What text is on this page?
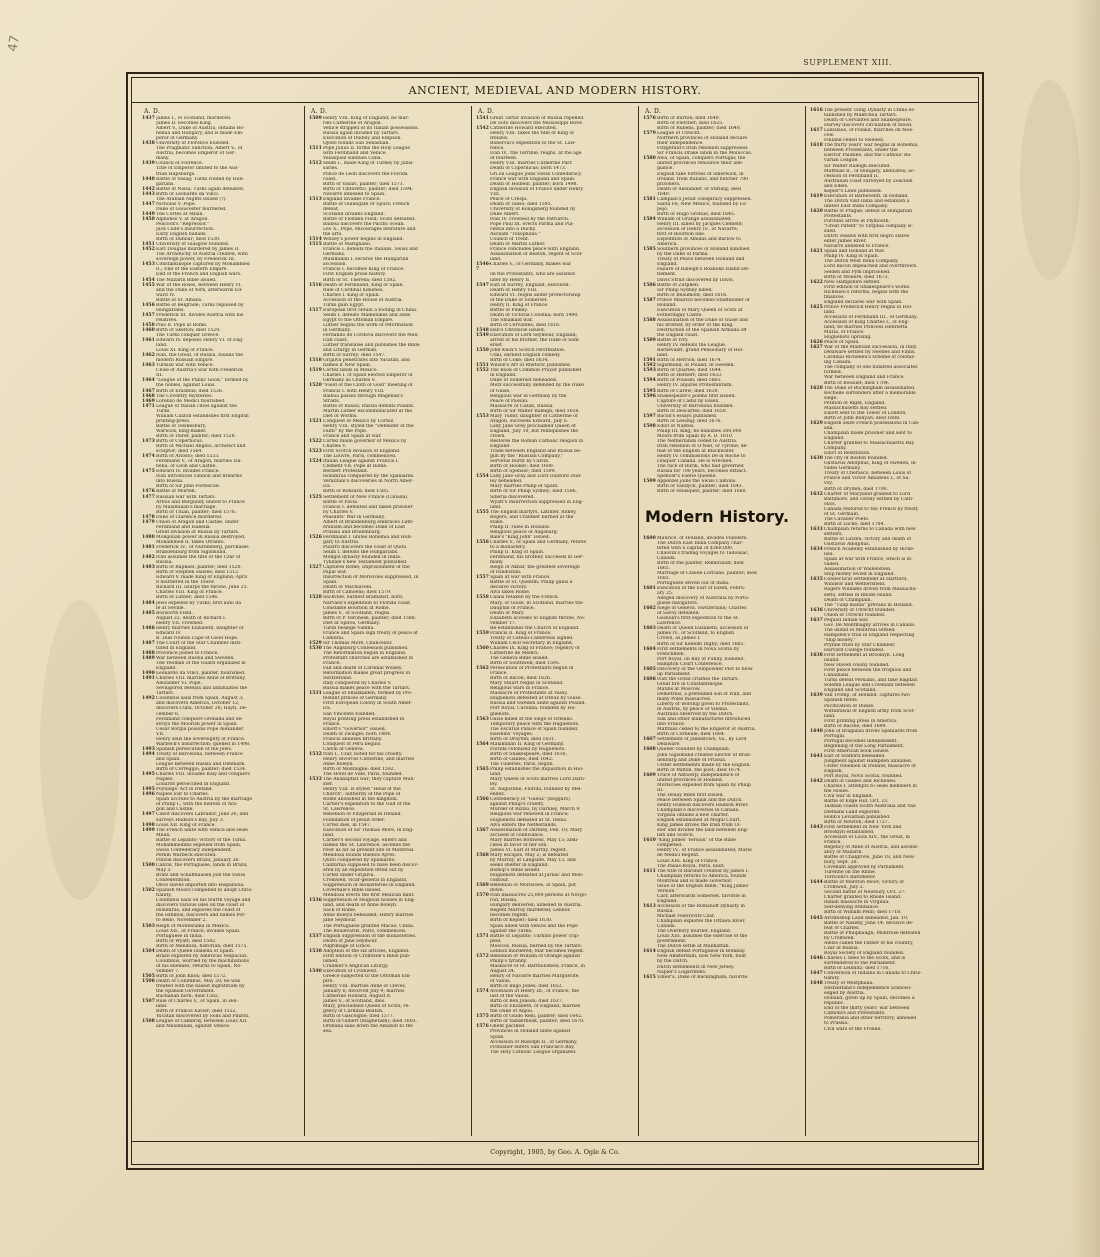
47
SUPPLEMENT XIII.
ANCIENT, MEDIEVAL AND MODERN HISTORY.
A. D.
1437 James I., of Scotland, murdered.
James II. becomes King.
Albert V., Duke of Austria, obtains Bo-
hemia and Hungary, and is made Em-
peror of Germany.
1438 University of Florence founded.
The Pragmatic Sanction; Albert V., of
Austria, becomes Emperor of Ger-
many.
1439 Council of Florence.
Title of Emperor limited to the Aus-
trian Hapsburgs.
1440 Battle of Vasag; Turks routed by Hun-
garians.
1442 Battle of Nissa; Turks again defeated.
1443 Birth of Leonardo da Vinci.
The Arabian Nights issued (?).
1447 Nicholas V. Pope.
Duke of Gloucester murdered.
1449 The Cortes at Milan.
1450 Alphonso V. at Aragon.
Peacock's "Repressor."
Jack Cade's insurrection.
Early English ballads.
Birth of Dunbar; died 1530.
1451 University of Glasgow founded.
1452 Earl Douglas murdered by James II.
The Archduchy of Austria created, with
sovereign power, by Frederick III.
1453 Constantinople captured by Mohammed
II.; End of the Eastern Empire.
End of the French and English wars.
1454 The Mazarin Bible issued.
1455 War of the Roses, between Henry VI.
and the Duke of York, afterwards Ed-
ward IV.
Battle of St. Albans.
1456 Battle of Belgrade; Turks repulsed by
Hungarians.
1457 Frederick III. divides Austria with his
relatives.
1458 Pius II. Pope at Rome.
1460 Birth of Skelton; died 1529.
The Turks conquer Greece.
1461 Edward IV. deposes Henry VI. of Eng-
land.
Louis XI. King of France.
1462 Ivan, the Great, of Russia, founds the
modern Russian Empire.
1463 Turkish war with Venice.
Close of Austria's war with Frederick
III.
1464 "League of the Public Good," formed by
the nobles, against Louis.
1467 Birth of Erasmus; died 1536.
1468 The Coventry mysteries.
1469 Lorenzo de Medici flourished.
1471 League of Italian cities against the
Turks.
William Caxton establishes first English
printing-press.
Battle of Tewkesbury.
Warwick, king-maker.
Birth of Durer, painter; died 1528.
1473 Birth of Copernicus.
Birth of Michael Angelo, architect and
sculptor; died 1564.
1474 Birth of Ariosto; died 1533.
Ferdinand V., of Aragon, marries Isa-
bella, of Leon and Castile.
1475 Edward IV. invades France.
Ivan introduces cannon and firearms
into Russia.
Birth of Sir John Fortescue.
1476 Battle of Murten.
1477 Russian war with Tartars.
Artois and Burgundy united to France
by Maximilian's marriage.
Birth of Titian, painter; died 1576.
1478 Duke of Clarence murdered.
1479 Union of Aragon and Castile, under
Ferdinand and Isabella.
Great invasion of Russia by Tartars.
1480 Mongolian power in Russia destroyed.
Mohammed II. takes Otranto.
1481 Frederick IV., of Nuremberg, purchases
Brandenburg from Sigismund.
1482 Ivan assumes the title of the Czar of
Russia.
1483 Birth of Raphael, painter; died 1520.
Birth of Stephen Hawes; died 1512.
Edward V. made King of England; April
8 murdered in the Tower.
Richard III. usurps the throne, June 25.
Charles VIII. King of France.
Birth of Luther; died 1546.
1484 Jews expelled by Turks; first auto da
fe at Seville.
1485 Bosworth Field.
August 22, death of Richard I.
Henry VII. crowned.
1486 Henry marries Elizabeth, daughter of
Edward IV.
B. Dias rounds Cape of Good Hope.
1487 The Court of the Star Chamber insti-
tuted in England.
1488 Provence joined to France.
1489 War between Russia and Sweden.
The Yeoman of the Guard organized in
England.
1490 Leonardo da Vinci, painter, flourished.
1491 Charles VIII. marries Anne of Brittany.
Alexander VI. Pope.
Sevnigorod defeats and annihilates the
Tartars.
1492 Columbus sails from Spain, August 3;
and discovers America, October 12;
discovers Cuba, October 28; Hayti, De-
cember 6.
Ferdinand conquers Grenada and de-
stroys the Moorish power in Spain.
Cesar Borgia poisons Pope Alexander
VII.
Henry sells the sovereignty of France.
Warbeck's insurrection; quelled in 1498.
1493 Spanish persecution of the Jews.
1494 Treaty of Barcelona, between France
and Spain.
League between Russia and Denmark.
Birth of Correggio, painter; died 1534.
1495 Charles VIII. invades Italy and conquers
Naples.
Lollards persecuted in England.
1495 Poynings' Act in Ireland.
1496 Naples lost to Charles.
Spain accrues to Austria by the marriage
of Philip I., with the heiress of Ara-
gon and Castile.
1497 Cabot discovers Labrador, June 26; and
surveys Hudson's Bay, July 3.
1498 Louis XII. King of France.
1499 The French unite with Venice and seize
Milan.
Battle of Lepanto; victory of the Turks.
Mohammedans expelled from Spain.
Swiss Confederacy independent.
Perkin Warbeck executed.
Pinzon discovers Brazil, January 26.
1500 Cabral, the Portuguese, lands in Brazil,
May 3.
Brats and Schaffhausen join the Swiss
Confederation.
Once slaves imported into Hispaniola.
1502 Spanish Moors compelled to adopt Chris-
tianity.
Columbus sails on his fourth voyage and
discovers various isles on the coast of
Honduras, and explores the coast of
the isthmus; discovers and names Por-
to Bello, November 2.
1503 Reign of Montezuma in Mexico.
Louis XII., of France, invades Spain.
Portuguese in India.
Birth of Wyatt; died 1542.
Birth of Mendoza, historian; died 1575.
1504 Death of Queen Isabella of Spain.
Brazil explored by Americus Vespucius.
Columbus, worried by the machinations
of his enemies, returns to Spain, No-
vember 7.
1505 Birth of John Knox; died 1572.
1506 Death of Columbus, May 20; he was
treated with the basest ingratitude by
the Spanish Government.
Buchanan born; died 1582.
1507 Rule of Charles V., of Spain, in Hol-
land.
Birth of Francis Xavier; died 1552.
Yucatan discovered by Solis and Pinzon.
1508 League of Cambray, between Louis XII.
and Maximilian, against Venice.
A. D.
1509 Henry VIII. King of England; he mar-
ries Catherine of Aragon.
Venice stripped of its Italian possessions.
Russia again invaded by Tartars.
Execution of Dudley and Empson.
Ojedo founds San Sebastian.
1511 Pope Julius II. forms the Holy League
with Ferdinand and Venice.
Velasquez subdues Cuba.
1512 Selim I., made King of Turkey by Janis-
saries.
Ponce de Leon discovers the Florida
coast.
Birth of Vasari, painter; died 1571.
Birth of Tintoretto, painter; died 1594.
Navarre annexed to Spain.
1513 England invades France.
Battle of Guinegate or Spurs; French
defeat.
Scotland invades England.
Battle of Flodden Field; Scots defeated.
Balboa discovers the Pacific ocean.
Leo X., Pope, encourages literature and
the arts.
1514 Wolsey's power begins in England.
1515 Battle of Marignano.
Francis I. defeats the Italians, Swiss and
Germans.
Maximilian I. secures the Hungarian
accession.
Francis I. becomes King of France.
First English prose history.
Birth of St. Theresa; died 1582.
1516 Death of Ferdinand, King of Spain.
Rule of Cardinal Ximenes.
Charles I. King of Spain.
Accession of the House of Austria.
Turks gain Egypt.
1517 European first obtain a footing in China.
Selim I. defeats Mamelukes and adds
Egypt to the Ottoman Empire.
Luther begins the work of reformation
in Germany.
Fernando de Cordova discovers the Mex-
ican coast.
Luther translates and publishes the Bible
and Liturgy in German.
Birth of Surrey; died 1547.
1518 Grijalva penetrates into Yucatan, and
names it New Spain.
1519 Cortez lands in Mexico.
Charles I. of Spain elected Emperor of
Germany as Charles V.
1520 "Field of the Cloth of Gold" meeting of
Francis I. with Henry VIII.
Balboa passes through Magellan's
Straits.
Battle of Rasau; Russia defeats Poland.
Martin Luther excommunicated at the
Diet of Worms.
1521 Conquest of Mexico by Cortez.
Henry VIII. styled the "Defender of the
Faith" by the Pope.
France and Spain at war.
1522 Cortez made governor of Mexico by
Charles V.
1523 First Scotch invasion of England.
The Louvre, Paris, commenced.
1524 Italian League against Francis I.
Clement VII. Pope at Rome.
Bernert Protestant.
Honduras conquered by the Spaniards.
Verazzani's discoveries in North Amer-
ica.
Birth of Ronsard; died 1585.
1525 Settlement of New France (Canada).
Battle of Pavia.
Francis I. defeated and taken prisoner
by Charles V.
Peasants' War in Germany.
Albert of Brandenburg embraces Luth-
eranism and becomes Duke of East
Prussia and Bradenburg.
1526 Ferdinand I. unites Bohemia and Hun-
gary to Austria.
Pizarro discovers the coast of Quito.
Selim I. defeats the Hungarians.
Mongol dynasty founded in India.
Tyndale's new Testament published.
1527 Captures Rome; Imprisonment of the
Papal war.
Insurrection of Moriscoes suppressed, in
Spain.
Death of Machiavelli.
Birth of Camoens; died 1579.
1528 Sackville, earliest dramatist, born.
Narvaez's expedition to Florida coast.
Constable Bourbon at Rome.
James V., of Scotland, reigns.
Birth of P. Veronese, painter; died 1588.
Diet at Spires, Germany.
Turks besiege Vienna.
France and Spain sign treaty of peace at
Cambrai.
1529 Sir Thomas More, Chancellor.
1530 The Augsburg Confession published.
The Reformation begun in England.
Protestant churches are established in
France.
Fall and death of Cardinal Wolsey.
Reformation makes great progress in
Switzerland.
Italy conquered by Charles V.
Russia makes peace with the Tartars.
1531 League of Smalkalden, formed by Pro-
testant princes of Germany.
First European Colony in South Amer-
ica.
San Vincente founded.
Royal printing press established in
France.
Elliott's "Governor" issued.
Death of Zwingle; born 1484.
Francis annexes Brittany.
Conquest of Peru begins.
Calvin at Geneva.
1532 Ivan I., Czar, noted for his cruelty.
Henry divorces Catherine, and marries
Anne Boleyn.
Birth of Montaigne; died 1592.
The Hotel de Ville, Paris, founded.
1533 The Anabaptist war; they capture Mun-
ster.
Henry VIII. is styled "Head of the
Church"; authority of the Pope of
Rome abolished in the kingdom.
Cartier's expedition to the Gulf of the
St. Lawrence.
Rebellion of Fitzgerald in Ireland.
Foundation of Jesuit order.
Cortez dies, in 1547.
Execution of Sir Thomas More, in Eng-
land.
Cartier's second voyage, enters and
names the St. Lawrence, ascends the
river as far as present site of Montreal.
Mendoza founds Buenos Ayres.
Quito conquered by Spaniards.
California supposed to have been discov-
ered by an expedition fitted out by
Cortez under Grijalva.
Cromwell, vicar-general in England.
Suppression of monasteries in England.
Coverdale's Bible issued.
Mendoza erects the first Mexican mint.
1536 Suppression of religious houses in Eng-
land, and death of Anne Boleyn.
Sack of Rome.
Anne Boleyn beheaded; Henry marries
Jane Seymour.
The Portuguese granted Macao, China.
The Boulevards, Paris, commenced.
1537 English suppression of the monasteries.
Death of Jane Seymour.
Pilgrimage of Grace.
1538 Adoption of the six articles, England.
First edition of Cromwell's Bible pub-
lished.
Cranmer's Anglican Liturgy.
1540 Execution of Cromwell.
Greece subjected to the Ottoman Em-
pire.
Henry VIII. marries Anne of Cleves,
January 6; divorced July 9; marries
Catherine Howard, August 8.
James V., of Scotland, dies.
Mary, proclaimed Queen of Scots; re-
gency of Cardinal Beaton.
Birth of Gascoigne; died 1577.
Birth of Gilbert (magnetism); died 1603.
Orellana sails down the Amazon to the
sea.
A. D.
1541 Great Tartar invasion of Russia repelled.
De Soto discovers the Mississippi River.
1542 Catherine Howard executed.
Henry VIII. takes the title of King of
Ireland.
Roberval's expedition to the St. Law-
rence.
Ivan IV., the Terrible, reigns, at the age
of fourteen.
Henry VIII. marries Catherine Parr.
Death of Copernicus; born 1473.
Gri.on League joins Swiss Confederacy.
France war with England and Spain.
Death of Holbein, painter; born 1498.
English invasion of France under Henry
VIII.
Peace of Crespi.
Death of Tasso; died 1595.
University of Konigsberg founded by
Duke Albert.
Ivan IV. crowned by the Patriarch.
Pope Paul III. erects Parma and Pla-
centia into a Duchy.
Ascham "Toxophilus."
Council of Trent.
Death of Martin Luther.
France concludes peace with England.
Assassination of Beaton, regent of Scot-
land.
1546-7
Charles V., of Germany, makes war
on the Protestants, who are assisted
later by Henry II.
1547 Earl of Surrey, England, executed.
Death of Henry VIII.
Edward VI. reigns under protectorship
of the Duke of Somerset.
Henry II. King of France.
Battle of Pinkey.
Death of Victoria Colonna; born 1490.
The Smalkald war.
Birth of Cervantes; died 1616.
1548 Hall's Chronicle issued.
1549 Execution of Lord Seymour, England;
arrest of his brother, the Duke of Som-
erset.
1550 John Knox's Scotch reformation.
Udal, earliest English comedy.
Birth of Coke; died 1634.
1551 Wilson's Art of Rhetoric published.
1552 The Book of Common Prayer published
in England.
Duke of Somerset beheaded.
Metz successfully defended by the Duke
of Guise.
Religious war in Germany by the
Peace of Passau.
Massacre of Cazan, Russia.
Birth of Sir Walter Raleigh; died 1618.
1553 Mary Tudor, daughter of Catherine of
Aragon, succeeds Edward, July 6.
Lady Jane Grey proclaimed Queen of
England, July 10, but relinquishes the
crown.
Restores the Roman Catholic religion in
England.
Trade between England and Russia be-
gun by the "Russian Company."
Servetus burnt by Calvin.
Birth of Hooker; died 1600.
Birth of Spenser; died 1599.
1554 Lady Jane Gray and Lord Guilford Dud-
ley beheaded.
Mary marries Philip of Spain.
Birth of Sir Philip Sydney; died 1586.
Siberia discovered.
Wyatt's insurrection suppressed in Eng-
land.
1555 The English martyrs, Latimer, Ridley,
Rogers, and Cranmer burned at the
stake.
Philip II. rules in Holland.
Religious peace of Augsburg.
Bale's "King John" issued.
1556 Charles V., of Spain and Germany, retires
to a monastery.
Philip II. King of Spain.
Ferdinand, his brother, succeeds in Ger-
many.
Reign of Akbar, the greatest sovereign
of Hindostan.
1557 Spain at war with France.
Battle of St. Quentin; Philip gains a
decisive victory.
Alva takes Rome.
1558 Calais retaken by the French.
Mary, of Guise, in Scotland, marries the
Dauphin of France.
Death of Mary.
Elizabeth accedes to English throne, No-
vember 17.
Re-establishes the Church of England.
1559 Francis II. King of France.
Treaty of Cateau-Cambresis signed.
William Cecil Secretary in England.
1560 Charles IX. King of France; regency of
Catherine de Medici.
The Geneva Bible issued.
Birth of Southwell; died 1595.
1562 Persecution of Protestants begun in
France.
Birth of Bacon; died 1626.
Mary Stuart reigns in Scotland.
Religious wars in France.
Massacre of Protestants at Vassy.
Huguenots defeated at Dreux by Guise.
Russia and Sweden unite against Poland.
Port Royal, Carolina, founded by Hu-
guenots.
1563 Guise killed at the siege of Orleans.
Temporary peace with the Huguenots.
The Escurial Palace of Spain founded.
Hawkins' voyages.
Birth of Drayton; died 1631.
1564 Maximilian II. King of Germany.
Florida colonized by Huguenots.
Birth of Shakespeare; died 1616;
Birth of Galileo; died 1642.
The Tuileries, Paris, begun.
1565 Philip establishes the Inquisition in Hol-
land.
Mary Queen of Scots marries Lord Darn-
ley.
St. Augustine, Florida, founded by Mel-
endez.
1566 Confederacy of "Gueux" (beggars)
against Philip's cruelty.
Murder of Rizzio, by Darnley, March 9.
Religious war renewed in France;
Huguenots defeated at St. Denis.
Alva enters the Netherlands.
1567 Assassination of Darnley, Feb. 10; Mary
accused of connivance.
Mary marries Bothwell, May 15; abdi-
cates in favor of her son.
James VI. Earl of Murray, regent.
1568 Mary escapes, May 2; is defeated
by Murray, at Langside, May 13, and
seeks shelter in England.
Bishop's Bible issued.
Huguenots defeated at Jarnac and Mon-
contour.
1569 Rebellion of Moriscoes, in Spain, put
down.
1570 Ivan massacres 25,000 persons at Novgo-
rod, Russia.
Hungary delivered; annexed to Austria.
Regent Murray murdered; Lennox
becomes regent.
Birth of Kepler; died 1630.
Spain allied with Venice and the Pope
against the Turks.
1571 Battle of Lepanto; Turkish power crip-
pled.
Moscow, Russia, burned by the Tartars.
Lennox murdered; Mar becomes regent.
1572 Rebellion of William of Orange against
Philip's tyranny.
Massacre of St. Bartholomew, France, in
August 24.
Henry of Navarre marries Marguerite,
of Valois.
Birth of Inigo Jones; died 1652.
1574 Accession of Henry III., of France, the
last of the Valois.
Birth of Ben Jonson; died 1637.
Birth of Elizabeth, of England, marries
the Duke of Anjou.
1575 Birth of Guido Reni, painter; died 1642.
Birth of Vanderhelst, painter; died 1670.
1576 Ghent pacified.
Provinces in Holland unite against
Spain.
Accession of Rudolph II., of Germany.
Frobisher enters San Francisco Bay.
The Holy Catholic League organized.
A. D.
1576 Birth of Burton; died 1640.
Birth of Fletcher; died 1625.
Birth of Rubens, painter; died 1640.
1579 League of Utrecht.
Northern provinces of Holland declare
their independence.
Fitzgerald's Irish rebellion suppressed.
Sir Francis Drake lands in the Moluccas.
1580 Alva, of Spain, conquers Portugal; the
united provinces renounce their alle-
giance.
English take fortress of Smerwick, in
Ireland, from Italians, and butcher 700
prisoners.
Death of Alexander, of Stirling; died
1640.
1581 Campian's Jesuit conspiracy suppressed.
Santa Fe, New Mexico, founded by Es-
pejo.
Birth of Hugo Grotius; died 1645.
1584 William of Orange assassinated.
Henry III. killed by Jacques Clement;
accession of Henry IV., of Navarre,
first of Bourbon line.
Expedition of Amidas and Barlow to
America.
1585 Southern provinces of Holland subdued
by the Duke of Parma.
Treaty of Peace between Holland and
England.
Failure of Raleigh's Roanoke Island set-
tlement.
Davis Strait discovered by Davis.
1586 Battle of Zutphen.
Sir Philip Sydney killed.
Birth of Beaumont; died 1616.
1587 Prince Maurice becomes Stadtholder of
Holland.
Execution of Mary Queen of Scots at
Fotheringay Castle.
1588 Assassination of the Duke of Guise and
his brother, by order of the King.
Destruction of the Spanish Armada off
the English coast.
1589 Battle of Ivry.
Henry IV. defeats the League.
Barnevaldt, grand Pensionary of Hol-
land.
1591 Birth of Herrick; died 1674.
1592 Sigismund, of Poland, in Sweden.
1593 Birth of Quarles; died 1644.
Birth of Herbert; died 1633.
1594 Birth of Poussin; died 1665.
Henry IV. abjures Protestantism.
1595 Birth of Carew; died 1639.
1596 Shakespeare's poems first issued.
Capture of Cadiz by Essex.
University of Barcelona founded.
Birth of Descartes; died 1650.
1597 Bacon's essays published.
Birth of Lessing; died 1676.
1598 Edict of Nantes.
Philip III. king; he banishes 300,000
Moors from Spain by A. D. 1610.
The Netherlands ceded to Austria.
Irish rebellion of O'Niel, or Tyrone; de-
feat of the English at Blackwater.
Henry IV. commissions De la Roche to
conquer Canada. He is wrecked.
The race of Rurik, who had governed
Russia for 700 years, becomes extinct.
Spencer's Faerie Queene.
1599 Appenzel joins the Swiss Cantons.
Birth of Vandyck, painter; died 1641.
Birth of Velasquez, painter; died 1660.
Modern History.
1600 Maurice, of Holland, invades Flanders.
The Dutch East India Company char-
tered with a capital of $360,000.
Chauvin's trading voyages to Tadousac,
Canada.
Birth of the painter, Rembrandt; died
1665.
Marriage of Claude Lorraine, painter; died
1682.
Portuguese driven out of India.
1601 Execution of the Earl of Essex, Febru-
ary 25.
Alleged discovery of Australia by Portu-
guese navigators.
1602 Siege of Geneva, Switzerland; Charles
of Savoy defeated.
Gosnold's first expedition to the St.
Lawrence.
1603 Death of Queen Elizabeth; accession of
James IV., of Scotland, to English
Crown, as James I.
Birth of Sir Kenelm Digby; died 1665.
1604 First settlements in Nova Scotia by
Frenchmen.
Port Royal, on Bay of Fundy, founded.
Hampton Court Conference.
1605 Discovery of the Gunpowder Plot to blow
up Parliament.
1606 Ivan the Great crushes the Tartars.
Great fire in Constantinople.
Matins at Moscow.
Demetrius, a pretended son of Ivan, and
many Poles massacred.
Liberty of worship given to Protestants,
in Austria, by peace of Vienna.
Australia observed by the Dutch.
Silk and other manufactures introduced
into France.
Matthias ceded to the Emperor of Austria.
Birth of Corneille; died 1684.
1607 Settlement of Jamestown, Va., by Lord
Delaware.
1608 Quebec founded by Champlain.
John Sigismund created Elector of Bran-
denburg and Duke of Prussia.
Ulster settlements made by the English.
Birth of Milton, the poet; died 1674.
1609 Truce of Antwerp; independence of
united provinces of Holland.
Moriscoes expelled from Spain by Philip
III.
The Douay Bible first issued.
Peace between Spain and the Dutch.
Henry Hudson discovers Hudson River.
Champlain's discoveries in Canada.
Virginia obtains a new charter.
English established at Mogul Court.
King James drives the Irish from Ul-
ster and divides the land between Eng-
lish and Scotch.
1610 "King James' Version" of the Bible
completed.
Henry IV., of France assassinated; Marie
de Medici Regent.
Louis XIII. King of France.
The Palais-Royal, Paris, built.
1611 The title of Baronet created by James I.
Champlain returns to America, founds
Montreal and is made Governor.
Issue of the English Bible, "King James'
Version."
Carr, afterwards Somerset, favorite in
England.
1613 Accession of the Romanoff Dynasty in
Russia.
Michael Fedorovitz Czar.
Champlain explores the Ottawa River,
Canada.
The Overbury murder, England.
Louis XIII. assumes the exercise of the
government.
The Dutch settle at Manhattan.
1614 English defeat Portuguese in Bombay.
New Amsterdam, now New York, built
by the Dutch.
Dutch settlements in New Jersey.
Napier's Logarithms.
1615 Villier's, Duke of Buckingham, favorite.
1616 The present Tsing Dynasty in China es-
tablished by Mantchou Tartars.
Death of Cervantes and Shakespeare.
Harvey discovers circulation of blood.
1617 Ladislaus, of Poland, marches on Mos-
cow.
Finland ceded to Sweden.
1618 The thirty years' war begins in Bohemia,
between Protestants, under the
Elector Palatine, and the Catholic Ba-
varian League.
Sir Walter Raleigh executed.
Matthias II., of Hungary, abdicates; ac-
cession of Ferdinand II.
Australian coast surveyed by Zeachen
and Edels.
Kepler's Laws published.
1619 Execution of Barneveldt, in Holland.
The Dutch visit India and establish a
united East India Company.
1620 Battle of Prague; defeat of Hungarian
Protestants.
Puritans arrive at Plymouth.
"Great Patent" to Virginia company is-
sued.
Dutch vessels with first negro slaves
enter James River.
Navarre annexed to France.
1621 Spain and Holland at War.
Philip IV. King of Spain.
The Dutch West India Company.
Lord Bacon impeached and overthrown.
Selden and Pym imprisoned.
Birth of Moliere; died 1673.
1622 New Hampshire settled.
First edition of Shakespeare's works.
Richelieu's reforms, begins with the
finances.
England declares war with Spain.
1625 Prince Frederick Henry reigns in Hol-
land.
Accession of Ferdinand III., of Germany.
Accession of King Charles I., of Eng-
land; he marries Princess Henrietta
Maria, of France.
Huguenots uprising.
1626 Peace of Spain.
1627 War of the Mantuan succession, in Italy.
Delaware settled by Swedes and Finns.
Cardinal Richelieu's scheme of coloniz-
ing Canada.
The company of one hundred associates
formed.
War between England and France.
Birth of Bossuet; died 1704.
1628 The Duke of Buckingham assassinated.
Rochelle surrenders after a memorable
siege.
Petition of Right, England.
Massachusetts Bay settled.
Elliott sent to the Tower of London.
Birth of John Bunyan; died 1688.
1629 English seize French possessions in Can-
ada.
Champlain made prisoner and sent to
England.
Charter granted to Massachusetts Bay
Company.
Edict of Restitution.
1630 The city of Boston founded.
Gustavus Adolphus, King of Sweden, in-
vades Germany.
Treaty of Cherasco, between Louis of
France and Victor Amadeus I., of Sa-
voy.
Birth of Dryden; died 1700.
1632 Charter of Maryland granted to Lord
Baltimore, and colony settled by Cath-
olics.
Canada restored to the French by treaty
of St. Germain.
The Cavalier Poets.
Birth of Locke; died 1704.
1633 Champlain returns to Canada with new
settlers.
Battle of Lutzen; victory and death of
Gustavus Adolphus.
1634 French Academy established by Riche-
lieu.
Spain at war with France, which is in-
vaded.
Assassination of Wallenstein.
Ship money levied in England.
1635 Connecticut settlement at Hartford,
Windsor and Wethersfield.
Rogers Williams driven from Massachu-
setts, settles in Rhode Island.
Death of Champlain.
The "Tulip mania" prevails in Holland.
1636 University of Utrecht founded.
Union of Utrecht founded.
1637 Pequod Indian war.
Gov. De Montmagny arrives in Canada.
The island of Montreal settled.
Hampden's trial in England respecting
"ship money."
Prynne tried by Star Chamber.
Harvard College founded.
1638 First settlement at Brooklyn, Long
Island.
New Haven colony founded.
First peace between the Iroquois and
Canadians.
Turks defeat Persians, and take Bagdad.
Solemn League and Covenant between
England and Scotland.
1639 Van Tromp, of Holland, captures two
Spanish fleets.
Pacification of Dunse.
Withdrawal of English army from Scot-
land.
First printing press in America.
Birth of Racine; died 1699.
1640 John of Braganza drives Spaniards from
Portugal.
Portugal becomes independent.
Beginning of the Long Parliament.
First American book issued.
1641 Earl of Stafford beheaded.
Judgment against Hampden annulled.
Ulster rebellion in Ireland; massacre of
English.
Port Royal, Nova Scotia, founded.
1642 Death of Galileo and Richelieu.
Charles I. attempts to seize members in
the House.
Civil war in England.
Battle of Edge Hill, Oct. 23.
Tasman coasts South Australia and Van
Diemans Land explored.
Hobb's Leviathan published.
Birth of Newton; died 1727.
1643 First settlement in New York and
Brooklyn established.
Accession of Louis XIV., the Great, in
France.
Regency of Anne of Austria, and ascend-
ancy of Mazarin.
Battle of Chalgrove, June 18, and New-
bury, Sept. 20.
Covenant approved by Parliament.
Turenne on the Rhine.
Torricelli's Barometer.
1644 Battle of Marston Moor; victory of
Cromwell, July 2.
Second battle of Newbury, Oct. 27.
Charter granted to Rhode Island.
Indian massacre in Virginia.
Self-denying ordinance.
Birth of William Penn; died 1718.
1645 Archbishop Laud beheaded, Jan. 10.
Battle of Naseby, June 14; decisive de-
feat of Charles.
Battle of Philiphaugh; Montrose defeated
by Cromwell.
Alexis called the Father of his country,
Czar of Russia.
Royal Society of England founded.
1646 Charles I. flees to the Scots, and is
surrendered to the Parliament.
Birth of Leibnitz; died 1716.
1647 Conversion of Indians in Canada to Chris-
tianity.
1648 Treaty of Westphalia.
Switzerland's independence acknowl-
edged by Austria.
Holland, given up by Spain, becomes a
republic.
End of the thirty years' war between
Catholics and Protestants.
Pomerania and other territory, annexed
to Prussia.
Civil wars of the Fronde.
Copyright, 1905, by Geo. A. Ogle & Co.
